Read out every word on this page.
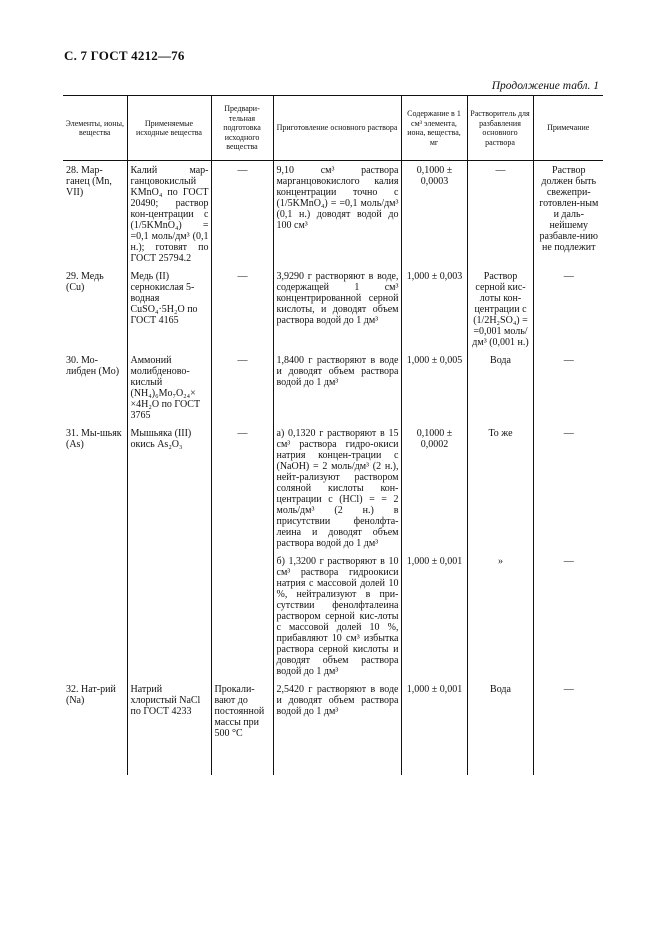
С. 7 ГОСТ 4212—76
Продолжение табл. 1
Элементы, ионы, вещества	Применяемые исходные вещества	Предвари-тельная подготовка исходного вещества	Приготовление основного раствора	Содержание в 1 см³ элемента, иона, вещества, мг	Растворитель для разбавления основного раствора	Примечание
28. Мар-ганец (Mn, VII)	Калий мар-ганцовокислый KMnO₄ по ГОСТ 20490; раствор кон-центрации c (1/5KMnO₄) = =0,1 моль/дм³ (0,1 н.); готовят по ГОСТ 25794.2	—	9,10 см³ раствора марганцовокислого калия концентрации точно c (1/5KMnO₄) = =0,1 моль/дм³ (0,1 н.) доводят водой до 100 см³	0,1000 ± 0,0003	—	Раствор должен быть свежепри-готовлен-ным и даль-нейшему разбавле-нию не подлежит
29. Медь (Cu)	Медь (II) сернокислая 5-водная CuSO₄·5H₂O по ГОСТ 4165	—	3,9290 г растворяют в воде, содержащей 1 см³ концентрированной серной кислоты, и доводят объем раствора водой до 1 дм³	1,000 ± 0,003	Раствор серной кис-лоты кон-центрации c (1/2H₂SO₄) = =0,001 моль/дм³ (0,001 н.)	—
30. Мо-либден (Mo)	Аммоний молибденово-кислый (NH₄)₆Mo₇O₂₄× ×4H₂O по ГОСТ 3765	—	1,8400 г растворяют в воде и доводят объем раствора водой до 1 дм³	1,000 ± 0,005	Вода	—
31. Мы-шьяк (As)	Мышьяка (III) окись As₂O₃	—	а) 0,1320 г растворяют в 15 см³ раствора гидро-окиси натрия концен-трации c (NaOH) = 2 моль/дм³ (2 н.), нейт-рализуют раствором соляной кислоты кон-центрации c (HCl) = = 2 моль/дм³ (2 н.) в присутствии фенолфта-леина и доводят объем раствора водой до 1 дм³	0,1000 ± 0,0002	То же	—
			б) 1,3200 г растворяют в 10 см³ раствора гидроокиси натрия с массовой долей 10 %, нейтрализуют в при-сутствии фенолфталеина раствором серной кис-лоты с массовой долей 10 %, прибавляют 10 см³ избытка раствора серной кислоты и доводят объем раствора водой до 1 дм³	1,000 ± 0,001	»	—
32. Нат-рий (Na)	Натрий хлористый NaCl по ГОСТ 4233	Прокали-вают до постоянной массы при 500 °С	2,5420 г растворяют в воде и доводят объем раствора водой до 1 дм³	1,000 ± 0,001	Вода	—
